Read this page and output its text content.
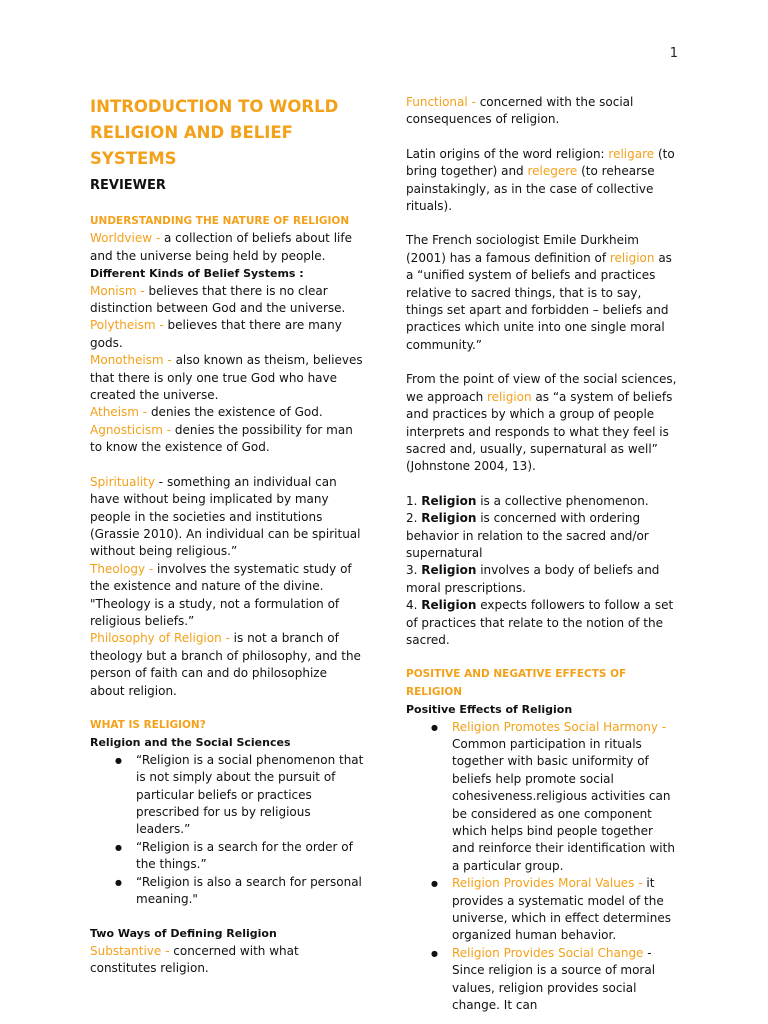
1

INTRODUCTION TO WORLD
RELIGION AND BELIEF SYSTEMS

REVIEWER

UNDERSTANDING THE NATURE OF RELIGION

Worldview - a collection of beliefs about life and the universe being held by people.

Different Kinds of Belief Systems :

Monism - believes that there is no clear distinction between God and the universe.

Polytheism - believes that there are many gods.

Monotheism - also known as theism, believes that there is only one true God who have created the universe.

Atheism - denies the existence of God.

Agnosticism - denies the possibility for man to know the existence of God.

Spirituality - something an individual can have without being implicated by many people in the societies and institutions (Grassie 2010). An individual can be spiritual without being religious.”

Theology - involves the systematic study of the existence and nature of the divine. "Theology is a study, not a formulation of religious beliefs.”

Philosophy of Religion - is not a branch of theology but a branch of philosophy, and the person of faith can and do philosophize about religion.

WHAT IS RELIGION?

Religion and the Social Sciences

● “Religion is a social phenomenon that is not simply about the pursuit of particular beliefs or practices prescribed for us by religious leaders.”
● “Religion is a search for the order of the things.”
● “Religion is also a search for personal meaning."

Two Ways of Defining Religion

Substantive - concerned with what constitutes religion.

Functional - concerned with the social consequences of religion.

Latin origins of the word religion: religare (to bring together) and relegere (to rehearse painstakingly, as in the case of collective rituals).

The French sociologist Emile Durkheim (2001) has a famous definition of religion as a “unified system of beliefs and practices relative to sacred things, that is to say, things set apart and forbidden – beliefs and practices which unite into one single moral community.”

From the point of view of the social sciences, we approach religion as “a system of beliefs and practices by which a group of people interprets and responds to what they feel is sacred and, usually, supernatural as well” (Johnstone 2004, 13).

1. Religion is a collective phenomenon.

2. Religion is concerned with ordering behavior in relation to the sacred and/or supernatural

3. Religion involves a body of beliefs and moral prescriptions.

4. Religion expects followers to follow a set of practices that relate to the notion of the sacred.

POSITIVE AND NEGATIVE EFFECTS OF RELIGION

Positive Effects of Religion

● Religion Promotes Social Harmony - Common participation in rituals together with basic uniformity of beliefs help promote social cohesiveness.religious activities can be considered as one component which helps bind people together and reinforce their identification with a particular group.
● Religion Provides Moral Values - it provides a systematic model of the universe, which in effect determines organized human behavior.
● Religion Provides Social Change - Since religion is a source of moral values, religion provides social change. It can
